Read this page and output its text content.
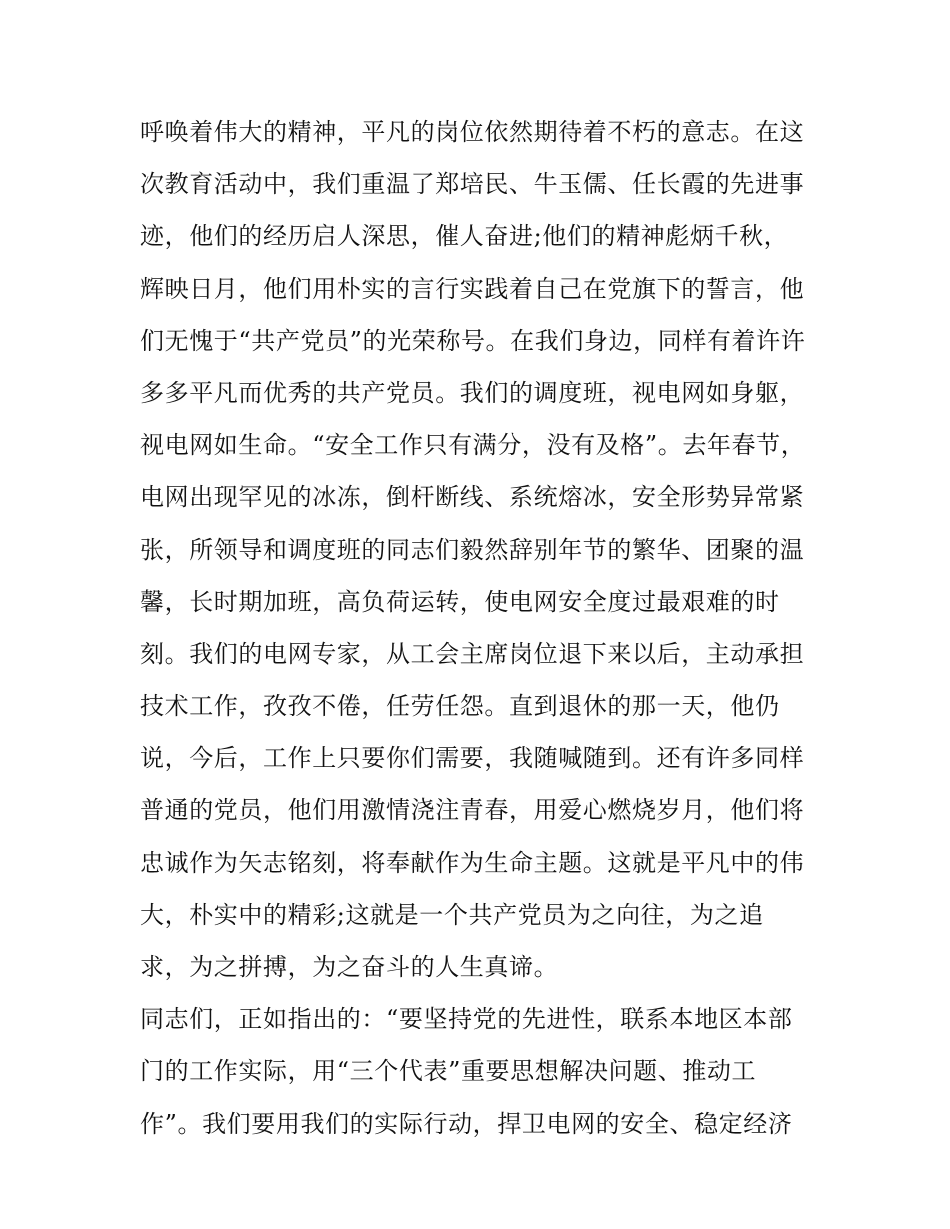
呼唤着伟大的精神，平凡的岗位依然期待着不朽的意志。在这
次教育活动中，我们重温了郑培民、牛玉儒、任长霞的先进事
迹，他们的经历启人深思，催人奋进;他们的精神彪炳千秋，
辉映日月，他们用朴实的言行实践着自己在党旗下的誓言，他
们无愧于“共产党员”的光荣称号。在我们身边，同样有着许许
多多平凡而优秀的共产党员。我们的调度班，视电网如身躯，
视电网如生命。“安全工作只有满分，没有及格”。去年春节，
电网出现罕见的冰冻，倒杆断线、系统熔冰，安全形势异常紧
张，所领导和调度班的同志们毅然辞别年节的繁华、团聚的温
馨，长时期加班，高负荷运转，使电网安全度过最艰难的时
刻。我们的电网专家，从工会主席岗位退下来以后，主动承担
技术工作，孜孜不倦，任劳任怨。直到退休的那一天，他仍
说，今后，工作上只要你们需要，我随喊随到。还有许多同样
普通的党员，他们用激情浇注青春，用爱心燃烧岁月，他们将
忠诚作为矢志铭刻，将奉献作为生命主题。这就是平凡中的伟
大，朴实中的精彩;这就是一个共产党员为之向往，为之追
求，为之拼搏，为之奋斗的人生真谛。
同志们，正如指出的：“要坚持党的先进性，联系本地区本部
门的工作实际，用“三个代表”重要思想解决问题、推动工
作”。我们要用我们的实际行动，捍卫电网的安全、稳定经济
